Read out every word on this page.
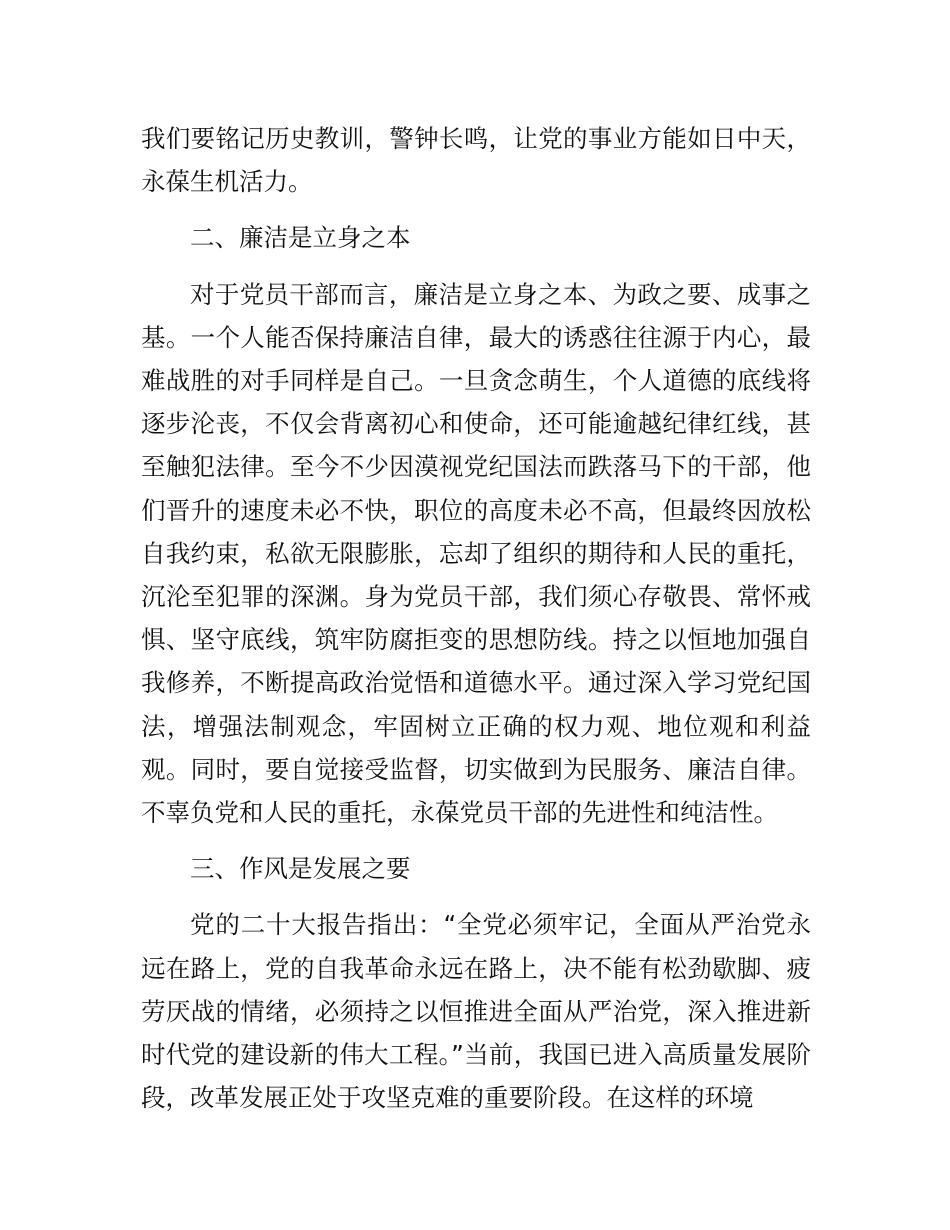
我们要铭记历史教训，警钟长鸣，让党的事业方能如日中天，永葆生机活力。

二、廉洁是立身之本

对于党员干部而言，廉洁是立身之本、为政之要、成事之基。一个人能否保持廉洁自律，最大的诱惑往往源于内心，最难战胜的对手同样是自己。一旦贪念萌生，个人道德的底线将逐步沦丧，不仅会背离初心和使命，还可能逾越纪律红线，甚至触犯法律。至今不少因漠视党纪国法而跌落马下的干部，他们晋升的速度未必不快，职位的高度未必不高，但最终因放松自我约束，私欲无限膨胀，忘却了组织的期待和人民的重托，沉沦至犯罪的深渊。身为党员干部，我们须心存敬畏、常怀戒惧、坚守底线，筑牢防腐拒变的思想防线。持之以恒地加强自我修养，不断提高政治觉悟和道德水平。通过深入学习党纪国法，增强法制观念，牢固树立正确的权力观、地位观和利益观。同时，要自觉接受监督，切实做到为民服务、廉洁自律。不辜负党和人民的重托，永葆党员干部的先进性和纯洁性。

三、作风是发展之要

党的二十大报告指出：“全党必须牢记，全面从严治党永远在路上，党的自我革命永远在路上，决不能有松劲歇脚、疲劳厌战的情绪，必须持之以恒推进全面从严治党，深入推进新时代党的建设新的伟大工程。”当前，我国已进入高质量发展阶段，改革发展正处于攻坚克难的重要阶段。在这样的环境
